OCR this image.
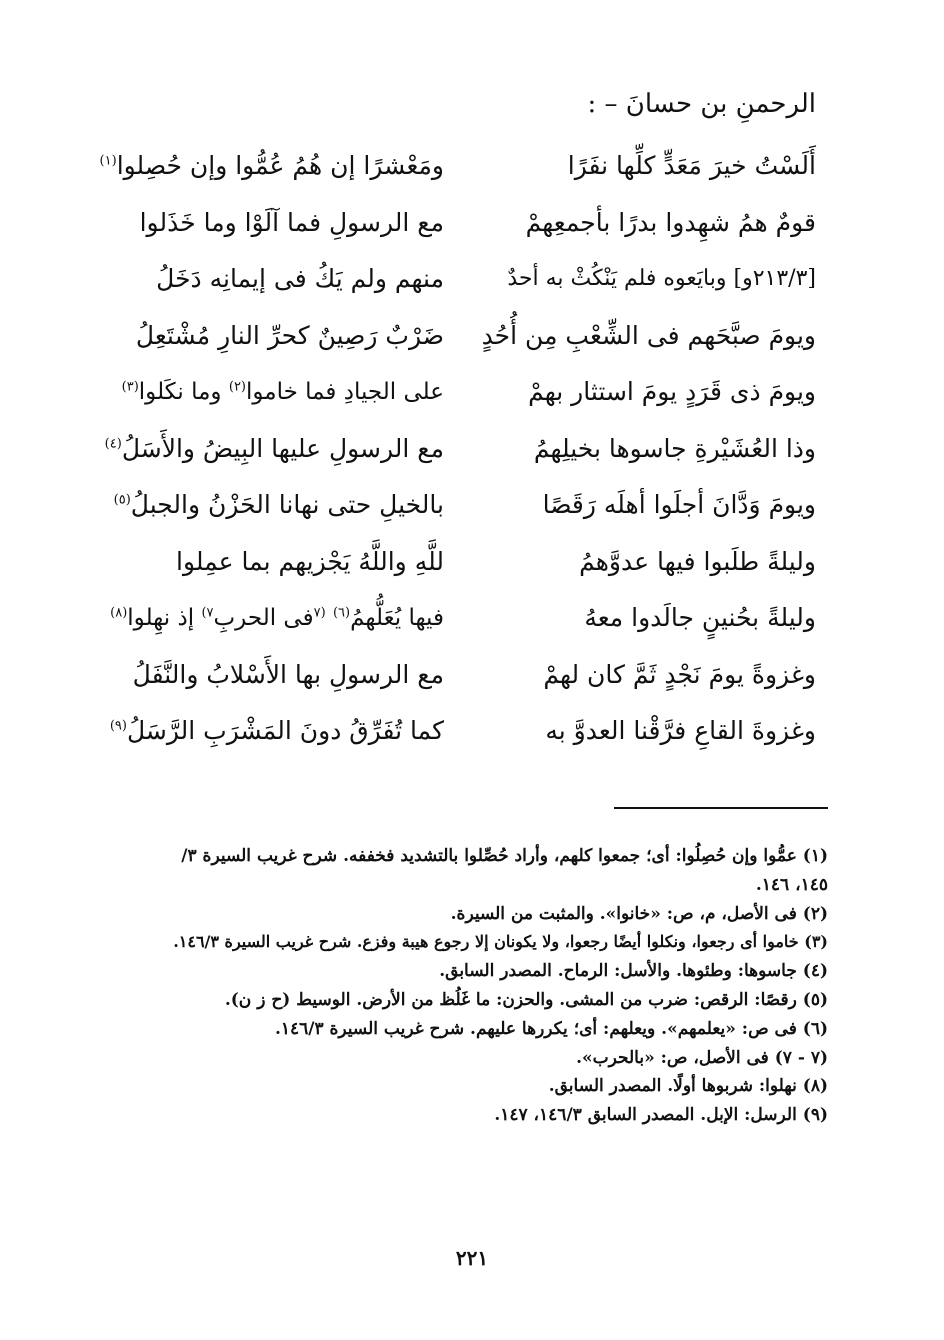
الرحمنِ بن حسانَ – :
أَلَسْتُ خيرَ مَعَدٍّ كلِّها نفَرًا
ومَعْشرًا إن هُمُ عُمُّوا وإن حُصِلوا$^{(١)}$
قومٌ همُ شهِدوا بدرًا بأجمعِهمْ
مع الرسولِ فما آلَوْا وما خَذَلوا
[٢١٣/٣و] وبايَعوه فلم يَنْكُثْ به أحدٌ
منهم ولم يَكُ فى إيمانِه دَخَلُ
ويومَ صبَّحَهم فى الشِّعْبِ مِن أُحُدٍ
ضَرْبٌ رَصِينٌ كحرِّ النارِ مُشْتَعِلُ
ويومَ ذى قَرَدٍ يومَ استثار بهمْ
على الجيادِ فما خاموا$^{(٢)}$ وما نكَلوا$^{(٣)}$
وذا العُشَيْرةِ جاسوها بخيلِهمُ
مع الرسولِ عليها البِيضُ والأَسَلُ$^{(٤)}$
ويومَ وَدَّانَ أجلَوا أهلَه رَقَصًا
بالخيلِ حتى نهانا الحَزْنُ والجبلُ$^{(٥)}$
وليلةً طلَبوا فيها عدوَّهمُ
للَّهِ واللَّهُ يَجْزيهم بما عمِلوا
وليلةً بحُنينٍ جالَدوا معهُ
فيها يُعَلُّهمُ$^{(٦)}$ $^{(٧}$فى الحربِ$^{٧)}$ إذ نهِلوا$^{(٨)}$
وغزوةً يومَ نَجْدٍ ثَمَّ كان لهمْ
مع الرسولِ بها الأَسْلابُ والنَّفَلُ
وغزوةَ القاعِ فرَّقْنا العدوَّ به
كما تُفَرِّقُ دونَ المَشْرَبِ الرَّسَلُ$^{(٩)}$
(١) عمُّوا وإن حُصِلُوا: أى؛ جمعوا كلهم، وأراد حُصِّلوا بالتشديد فخففه. شرح غريب السيرة ٣/
١٤٥، ١٤٦.
(٢) فى الأصل، م، ص: «خانوا». والمثبت من السيرة.
(٣) خاموا أى رجعوا، ونكلوا أيضًا رجعوا، ولا يكونان إلا رجوع هيبة وفزع. شرح غريب السيرة ١٤٦/٣.
(٤) جاسوها: وطئوها. والأسل: الرماح. المصدر السابق.
(٥) رقصًا: الرقص: ضرب من المشى. والحزن: ما غَلُظ من الأرض. الوسيط (ح ز ن).
(٦) فى ص: «يعلمهم». ويعلهم: أى؛ يكررها عليهم. شرح غريب السيرة ١٤٦/٣.
(٧ - ٧) فى الأصل، ص: «بالحرب».
(٨) نهلوا: شربوها أولًا. المصدر السابق.
(٩) الرسل: الإبل. المصدر السابق ١٤٦/٣، ١٤٧.
٢٢١
